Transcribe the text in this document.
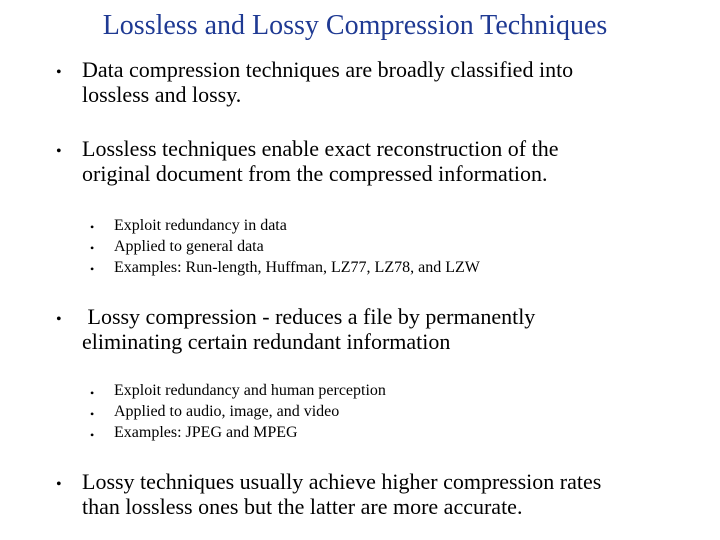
Lossless and Lossy Compression Techniques
• Data compression techniques are broadly classified into
lossless and lossy.
• Lossless techniques enable exact reconstruction of the
original document from the compressed information.
• Exploit redundancy in data
• Applied to general data
• Examples: Run-length, Huffman, LZ77, LZ78, and LZW
• Lossy compression - reduces a file by permanently
eliminating certain redundant information
• Exploit redundancy and human perception
• Applied to audio, image, and video
• Examples: JPEG and MPEG
• Lossy techniques usually achieve higher compression rates
than lossless ones but the latter are more accurate.
